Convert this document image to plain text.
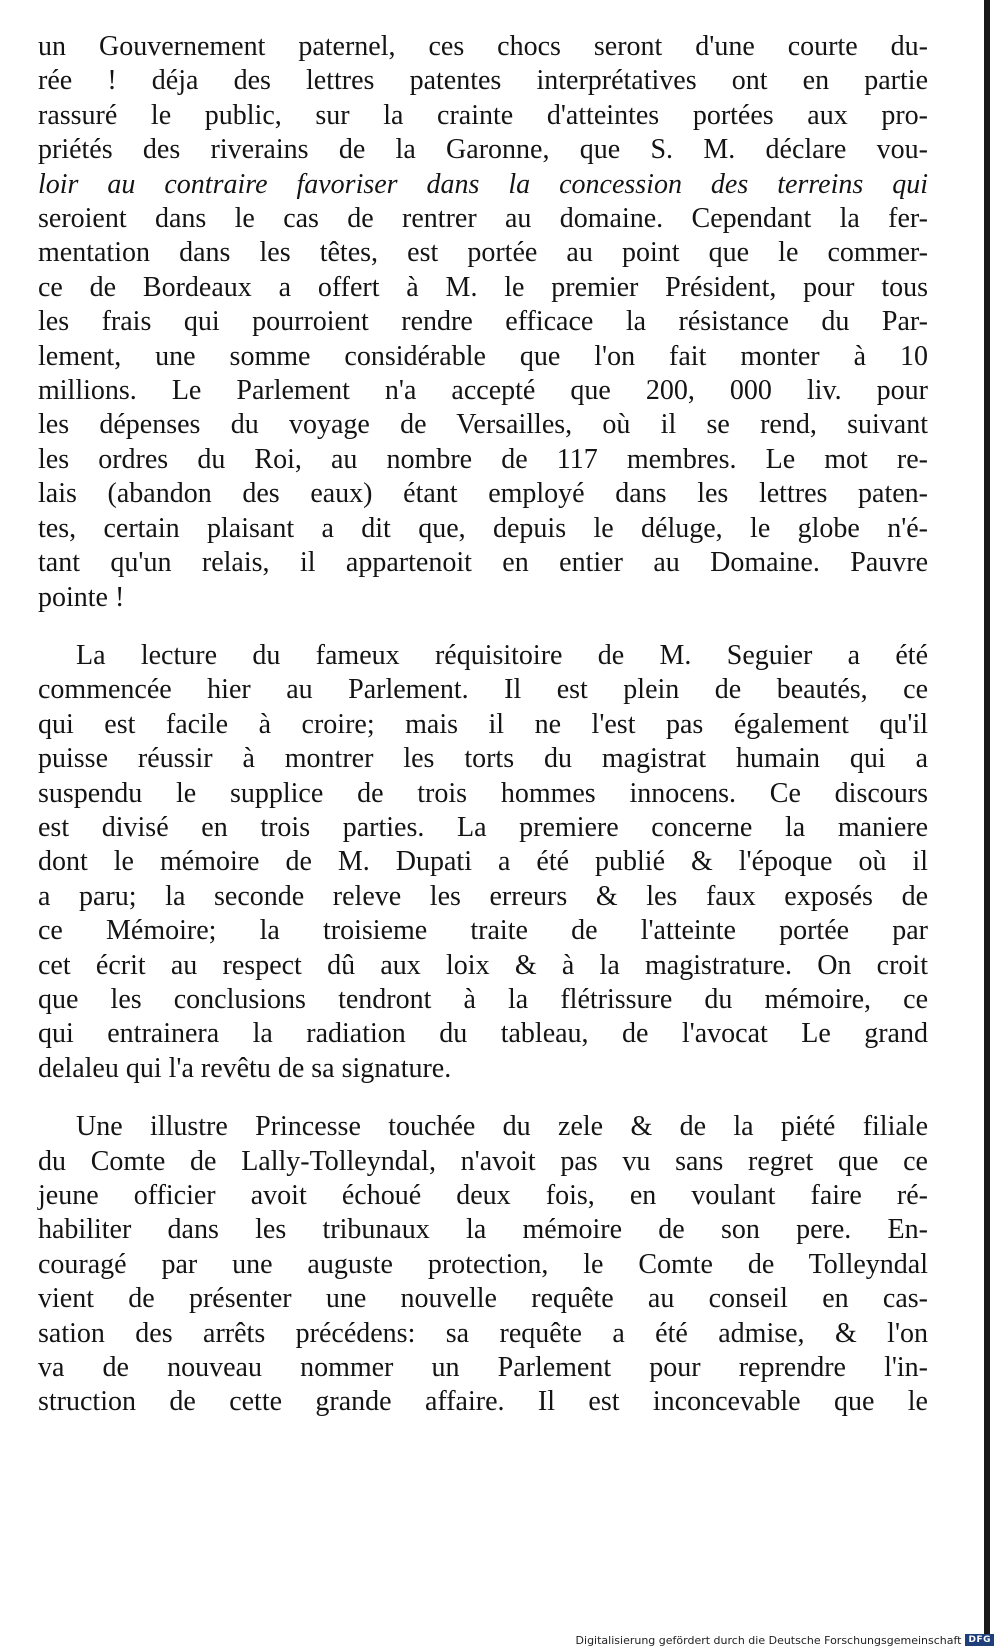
un Gouvernement paternel, ces chocs seront d'une courte du-
rée ! déja des lettres patentes interprétatives ont en partie
rassuré le public, sur la crainte d'atteintes portées aux pro-
priétés des riverains de la Garonne, que S. M. déclare vou-
loir au contraire favoriser dans la concession des terreins qui
seroient dans le cas de rentrer au domaine. Cependant la fer-
mentation dans les têtes, est portée au point que le commer-
ce de Bordeaux a offert à M. le premier Président, pour tous
les frais qui pourroient rendre efficace la résistance du Par-
lement, une somme considérable que l'on fait monter à 10
millions. Le Parlement n'a accepté que 200, 000 liv. pour
les dépenses du voyage de Versailles, où il se rend, suivant
les ordres du Roi, au nombre de 117 membres. Le mot re-
lais (abandon des eaux) étant employé dans les lettres paten-
tes, certain plaisant a dit que, depuis le déluge, le globe n'é-
tant qu'un relais, il appartenoit en entier au Domaine. Pauvre
pointe !
La lecture du fameux réquisitoire de M. Seguier a été
commencée hier au Parlement. Il est plein de beautés, ce
qui est facile à croire; mais il ne l'est pas également qu'il
puisse réussir à montrer les torts du magistrat humain qui a
suspendu le supplice de trois hommes innocens. Ce discours
est divisé en trois parties. La premiere concerne la maniere
dont le mémoire de M. Dupati a été publié & l'époque où il
a paru; la seconde releve les erreurs & les faux exposés de
ce Mémoire; la troisieme traite de l'atteinte portée par
cet écrit au respect dû aux loix & à la magistrature. On croit
que les conclusions tendront à la flétrissure du mémoire, ce
qui entrainera la radiation du tableau, de l'avocat Le grand
delaleu qui l'a revêtu de sa signature.
Une illustre Princesse touchée du zele & de la piété filiale
du Comte de Lally-Tolleyndal, n'avoit pas vu sans regret que ce
jeune officier avoit échoué deux fois, en voulant faire ré-
habiliter dans les tribunaux la mémoire de son pere. En-
couragé par une auguste protection, le Comte de Tolleyndal
vient de présenter une nouvelle requête au conseil en cas-
sation des arrêts précédens: sa requête a été admise, & l'on
va de nouveau nommer un Parlement pour reprendre l'in-
struction de cette grande affaire. Il est inconcevable que le
Digitalisierung gefördert durch die Deutsche Forschungsgemeinschaft DFG
